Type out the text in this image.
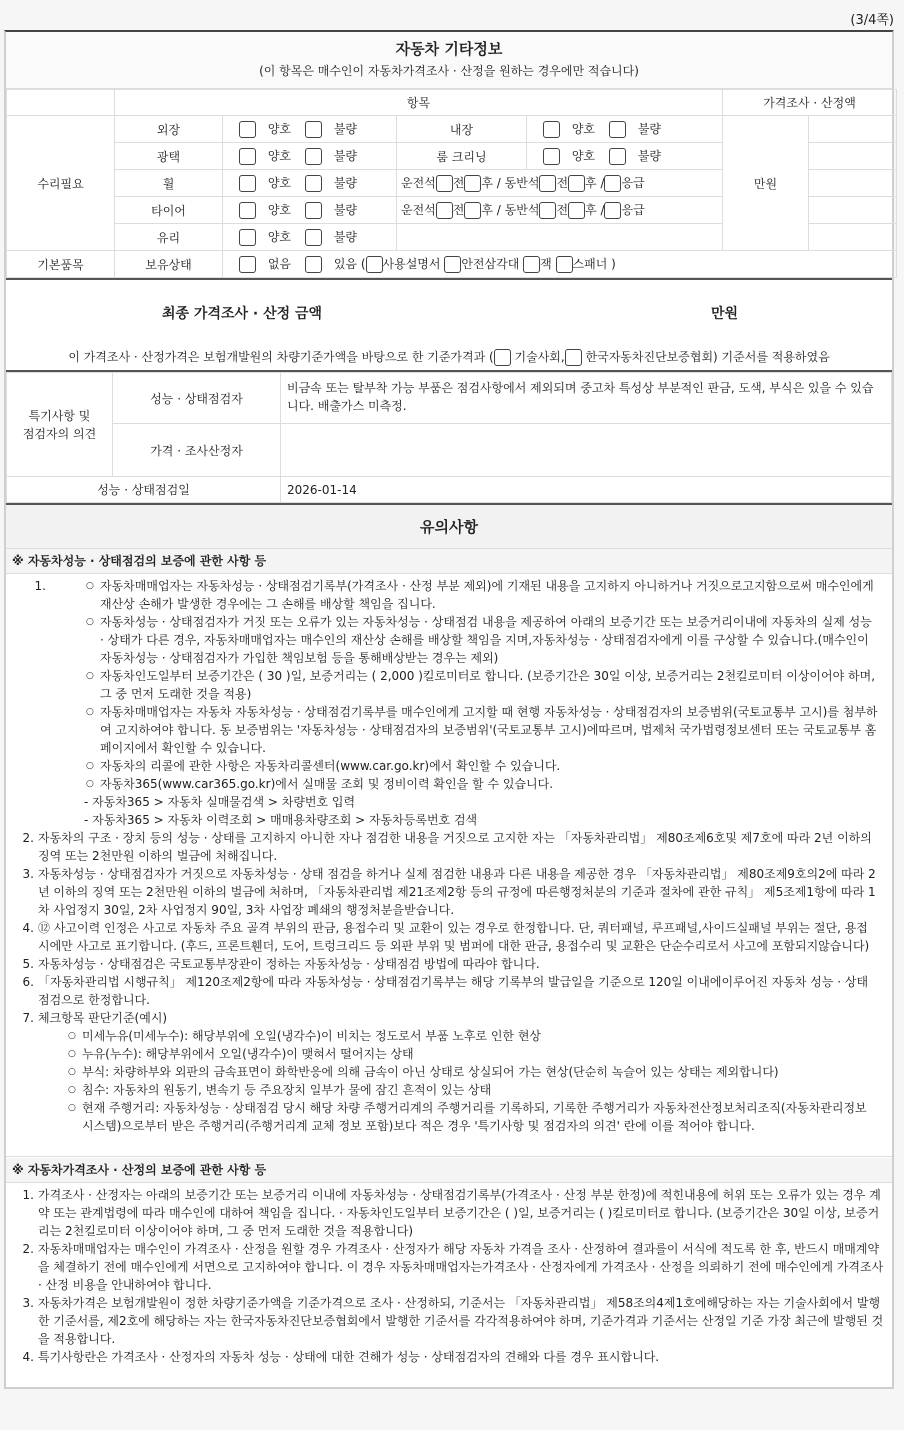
(3/4쪽)
자동차 기타정보
(이 항목은 매수인이 자동차가격조사 · 산정을 원하는 경우에만 적습니다)
	항목				가격조사 · 산정액	
수리필요	외장	양호 불량	내장	양호 불량	만원	
	광택	양호 불량	룸 크리닝	양호 불량		
	휠	양호 불량	운전석 전 후 / 동반석 전 후 / 응급			
	타이어	양호 불량	운전석 전 후 / 동반석 전 후 / 응급			
	유리	양호 불량				
기본품목	보유상태	없음 있음 ( 사용설명서 안전삼각대 잭 스패너 )				
최종 가격조사 · 산정 금액	만원
이 가격조사 · 산정가격은 보험개발원의 차량기준가액을 바탕으로 한 기준가격과 ( 기술사회, 한국자동차진단보증협회) 기준서를 적용하였음
특기사항 및
점검자의 의견	성능 · 상태점검자	비금속 또는 탈부착 가능 부품은 점검사항에서 제외되며 중고차 특성상 부분적인 판금, 도색, 부식은 있을 수 있습니다. 배출가스 미측정.
	가격 · 조사산정자	
성능 · 상태점검일		2026-01-14
유의사항
※ 자동차성능 · 상태점검의 보증에 관한 사항 등
1.	○ 자동차매매업자는 자동차성능 · 상태점검기록부(가격조사 · 산정 부분 제외)에 기재된 내용을 고지하지 아니하거나 거짓으로고지함으로써 매수인에게 재산상 손해가 발생한 경우에는 그 손해를 배상할 책임을 집니다.
○ 자동차성능 · 상태점검자가 거짓 또는 오류가 있는 자동차성능 · 상태점검 내용을 제공하여 아래의 보증기간 또는 보증거리이내에 자동차의 실제 성능 · 상태가 다른 경우, 자동차매매업자는 매수인의 재산상 손해를 배상할 책임을 지며,자동차성능 · 상태점검자에게 이를 구상할 수 있습니다.(매수인이 자동차성능 · 상태점검자가 가입한 책임보험 등을 통해배상받는 경우는 제외)
○ 자동차인도일부터 보증기간은 ( 30 )일, 보증거리는 ( 2,000 )킬로미터로 합니다. (보증기간은 30일 이상, 보증거리는 2천킬로미터 이상이어야 하며, 그 중 먼저 도래한 것을 적용)
○ 자동차매매업자는 자동차 자동차성능 · 상태점검기록부를 매수인에게 고지할 때 현행 자동차성능 · 상태점검자의 보증범위(국토교통부 고시)를 첨부하여 고지하여야 합니다. 동 보증범위는 '자동차성능 · 상태점검자의 보증범위'(국토교통부 고시)에따르며, 법제처 국가법령정보센터 또는 국토교통부 홈페이지에서 확인할 수 있습니다.
○ 자동차의 리콜에 관한 사항은 자동차리콜센터(www.car.go.kr)에서 확인할 수 있습니다.
○ 자동차365(www.car365.go.kr)에서 실매물 조회 및 정비이력 확인을 할 수 있습니다.
- 자동차365 > 자동차 실매물검색 > 차량번호 입력
- 자동차365 > 자동차 이력조회 > 매매용차량조회 > 자동차등록번호 검색
2. 자동차의 구조 · 장치 등의 성능 · 상태를 고지하지 아니한 자나 점검한 내용을 거짓으로 고지한 자는 「자동차관리법」 제80조제6호및 제7호에 따라 2년 이하의 징역 또는 2천만원 이하의 벌금에 처해집니다.
3. 자동차성능 · 상태점검자가 거짓으로 자동차성능 · 상태 점검을 하거나 실제 점검한 내용과 다른 내용을 제공한 경우 「자동차관리법」 제80조제9호의2에 따라 2년 이하의 징역 또는 2천만원 이하의 벌금에 처하며, 「자동차관리법 제21조제2항 등의 규정에 따른행정처분의 기준과 절차에 관한 규칙」 제5조제1항에 따라 1차 사업정지 30일, 2차 사업정지 90일, 3차 사업장 폐쇄의 행정처분을받습니다.
4. ⑫ 사고이력 인정은 사고로 자동차 주요 골격 부위의 판금, 용접수리 및 교환이 있는 경우로 한정합니다. 단, 쿼터패널, 루프패널,사이드실패널 부위는 절단, 용접 시에만 사고로 표기합니다. (후드, 프론트휀더, 도어, 트렁크리드 등 외판 부위 및 범퍼에 대한 판금, 용접수리 및 교환은 단순수리로서 사고에 포함되지않습니다)
5. 자동차성능 · 상태점검은 국토교통부장관이 정하는 자동차성능 · 상태점검 방법에 따라야 합니다.
6. 「자동차관리법 시행규칙」 제120조제2항에 따라 자동차성능 · 상태점검기록부는 해당 기록부의 발급일을 기준으로 120일 이내에이루어진 자동차 성능 · 상태점검으로 한정합니다.
7. 체크항목 판단기준(예시)
○ 미세누유(미세누수): 해당부위에 오일(냉각수)이 비치는 정도로서 부품 노후로 인한 현상
○ 누유(누수): 해당부위에서 오일(냉각수)이 맺혀서 떨어지는 상태
○ 부식: 차량하부와 외판의 금속표면이 화학반응에 의해 금속이 아닌 상태로 상실되어 가는 현상(단순히 녹슬어 있는 상태는 제외합니다)
○ 침수: 자동차의 원동기, 변속기 등 주요장치 일부가 물에 잠긴 흔적이 있는 상태
○ 현재 주행거리: 자동차성능 · 상태점검 당시 해당 차량 주행거리계의 주행거리를 기록하되, 기록한 주행거리가 자동차전산정보처리조직(자동차관리정보시스템)으로부터 받은 주행거리(주행거리계 교체 정보 포함)보다 적은 경우 '특기사항 및 점검자의 의견' 란에 이를 적어야 합니다.
※ 자동차가격조사 · 산정의 보증에 관한 사항 등
1. 가격조사 · 산정자는 아래의 보증기간 또는 보증거리 이내에 자동차성능 · 상태점검기록부(가격조사 · 산정 부분 한정)에 적힌내용에 허위 또는 오류가 있는 경우 계약 또는 관계법령에 따라 매수인에 대하여 책임을 집니다. · 자동차인도일부터 보증기간은 ( )일, 보증거리는 ( )킬로미터로 합니다. (보증기간은 30일 이상, 보증거리는 2천킬로미터 이상이어야 하며, 그 중 먼저 도래한 것을 적용합니다)
2. 자동차매매업자는 매수인이 가격조사 · 산정을 원할 경우 가격조사 · 산정자가 해당 자동차 가격을 조사 · 산정하여 결과를이 서식에 적도록 한 후, 반드시 매매계약을 체결하기 전에 매수인에게 서면으로 고지하여야 합니다. 이 경우 자동차매매업자는가격조사 · 산정자에게 가격조사 · 산정을 의뢰하기 전에 매수인에게 가격조사 · 산정 비용을 안내하여야 합니다.
3. 자동차가격은 보험개발원이 정한 차량기준가액을 기준가격으로 조사 · 산정하되, 기준서는 「자동차관리법」 제58조의4제1호에해당하는 자는 기술사회에서 발행한 기준서를, 제2호에 해당하는 자는 한국자동차진단보증협회에서 발행한 기준서를 각각적용하여야 하며, 기준가격과 기준서는 산정일 기준 가장 최근에 발행된 것을 적용합니다.
4. 특기사항란은 가격조사 · 산정자의 자동차 성능 · 상태에 대한 견해가 성능 · 상태점검자의 견해와 다를 경우 표시합니다.
